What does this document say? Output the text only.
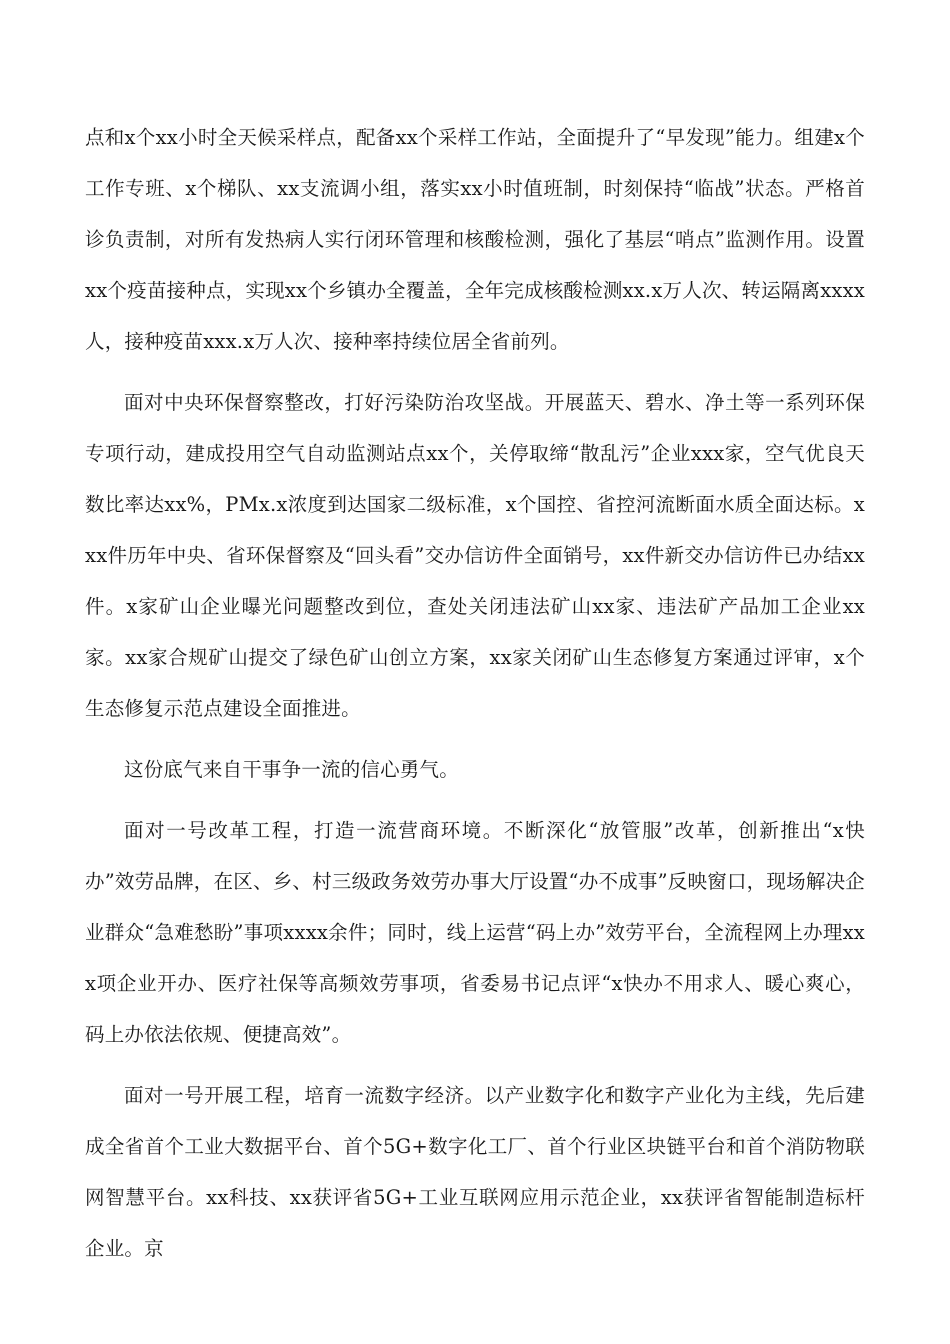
点和x个xx小时全天候采样点，配备xx个采样工作站，全面提升了“早发现”能力。组建x个工作专班、x个梯队、xx支流调小组，落实xx小时值班制，时刻保持“临战”状态。严格首诊负责制，对所有发热病人实行闭环管理和核酸检测，强化了基层“哨点”监测作用。设置xx个疫苗接种点，实现xx个乡镇办全覆盖，全年完成核酸检测xx.x万人次、转运隔离xxxx人，接种疫苗xxx.x万人次、接种率持续位居全省前列。

面对中央环保督察整改，打好污染防治攻坚战。开展蓝天、碧水、净土等一系列环保专项行动，建成投用空气自动监测站点xx个，关停取缔“散乱污”企业xxx家，空气优良天数比率达xx%，PMx.x浓度到达国家二级标准，x个国控、省控河流断面水质全面达标。xxx件历年中央、省环保督察及“回头看”交办信访件全面销号，xx件新交办信访件已办结xx件。x家矿山企业曝光问题整改到位，查处关闭违法矿山xx家、违法矿产品加工企业xx家。xx家合规矿山提交了绿色矿山创立方案，xx家关闭矿山生态修复方案通过评审，x个生态修复示范点建设全面推进。

这份底气来自干事争一流的信心勇气。

面对一号改革工程，打造一流营商环境。不断深化“放管服”改革，创新推出“x快办”效劳品牌，在区、乡、村三级政务效劳办事大厅设置“办不成事”反映窗口，现场解决企业群众“急难愁盼”事项xxxx余件；同时，线上运营“码上办”效劳平台，全流程网上办理xxx项企业开办、医疗社保等高频效劳事项，省委易书记点评“x快办不用求人、暖心爽心，码上办依法依规、便捷高效”。

面对一号开展工程，培育一流数字经济。以产业数字化和数字产业化为主线，先后建成全省首个工业大数据平台、首个5G+数字化工厂、首个行业区块链平台和首个消防物联网智慧平台。xx科技、xx获评省5G+工业互联网应用示范企业，xx获评省智能制造标杆企业。京
